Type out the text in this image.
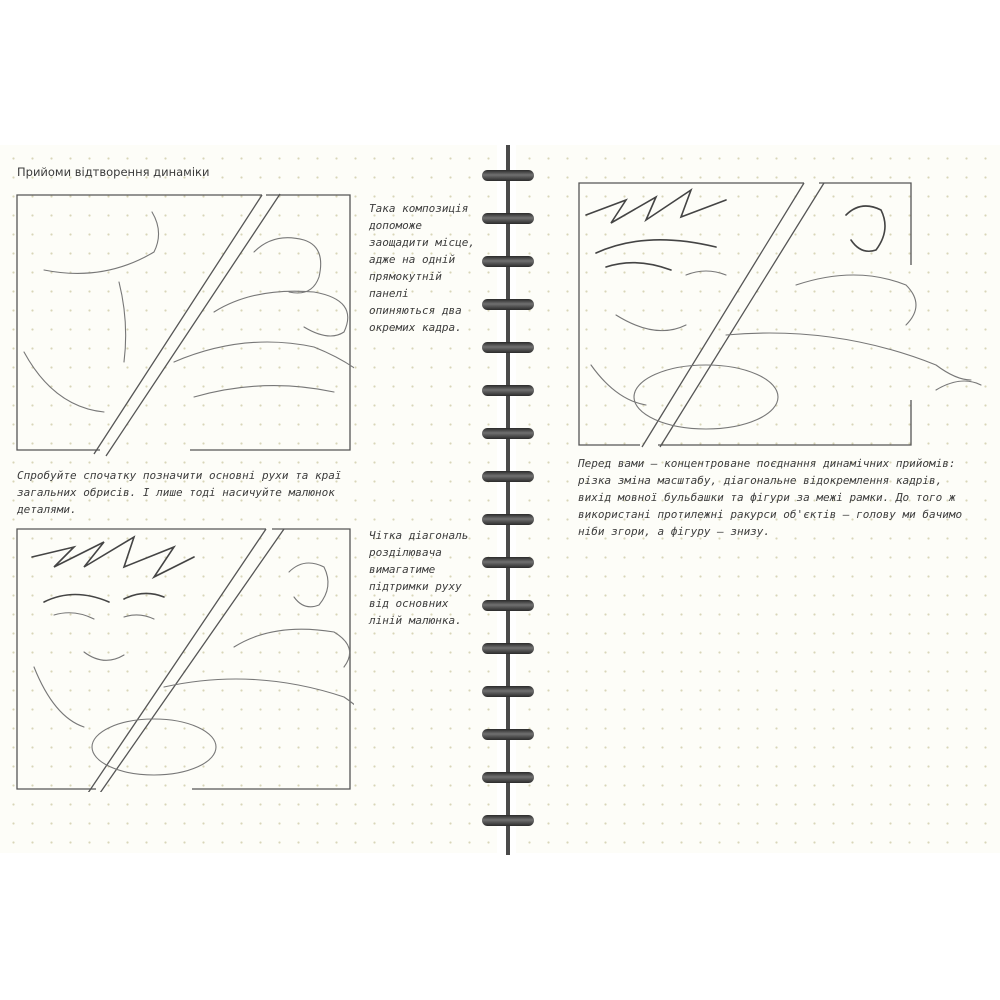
Прийоми відтворення динаміки

Така композиція допоможе заощадити місце, адже на одній прямокутній панелі опиняються два окремих кадра.

Спробуйте спочатку позначити основні рухи та краї загальних обрисів. І лише тоді насичуйте малюнок деталями.

Чітка діагональ розділювача вимагатиме підтримки руху від основних ліній малюнка.

Перед вами — концентроване поєднання динамічних прийомів: різка зміна масштабу, діагональне відокремлення кадрів, вихід мовної бульбашки та фігури за межі рамки. До того ж використані протилежні ракурси об'єктів — голову ми бачимо ніби згори, а фігуру — знизу.
